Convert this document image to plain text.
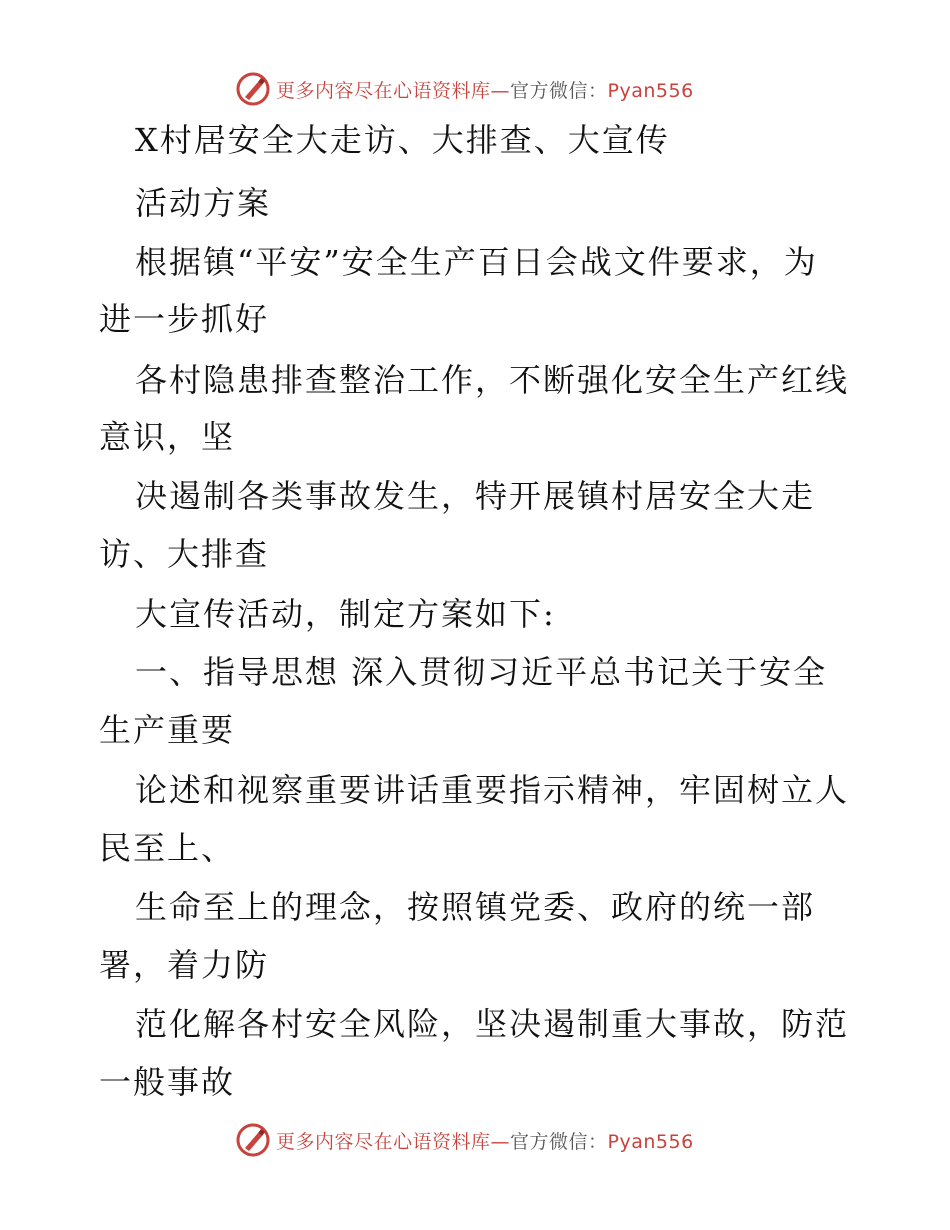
更多内容尽在心语资料库—官方微信：Pyan556
X村居安全大走访、大排查、大宣传
活动方案
根据镇“平安”安全生产百日会战文件要求，为
进一步抓好
各村隐患排查整治工作，不断强化安全生产红线
意识，坚
决遏制各类事故发生，特开展镇村居安全大走
访、大排查
大宣传活动，制定方案如下:
一、指导思想 深入贯彻习近平总书记关于安全
生产重要
论述和视察重要讲话重要指示精神，牢固树立人
民至上、
生命至上的理念，按照镇党委、政府的统一部
署，着力防
范化解各村安全风险，坚决遏制重大事故，防范
一般事故
更多内容尽在心语资料库—官方微信：Pyan556
